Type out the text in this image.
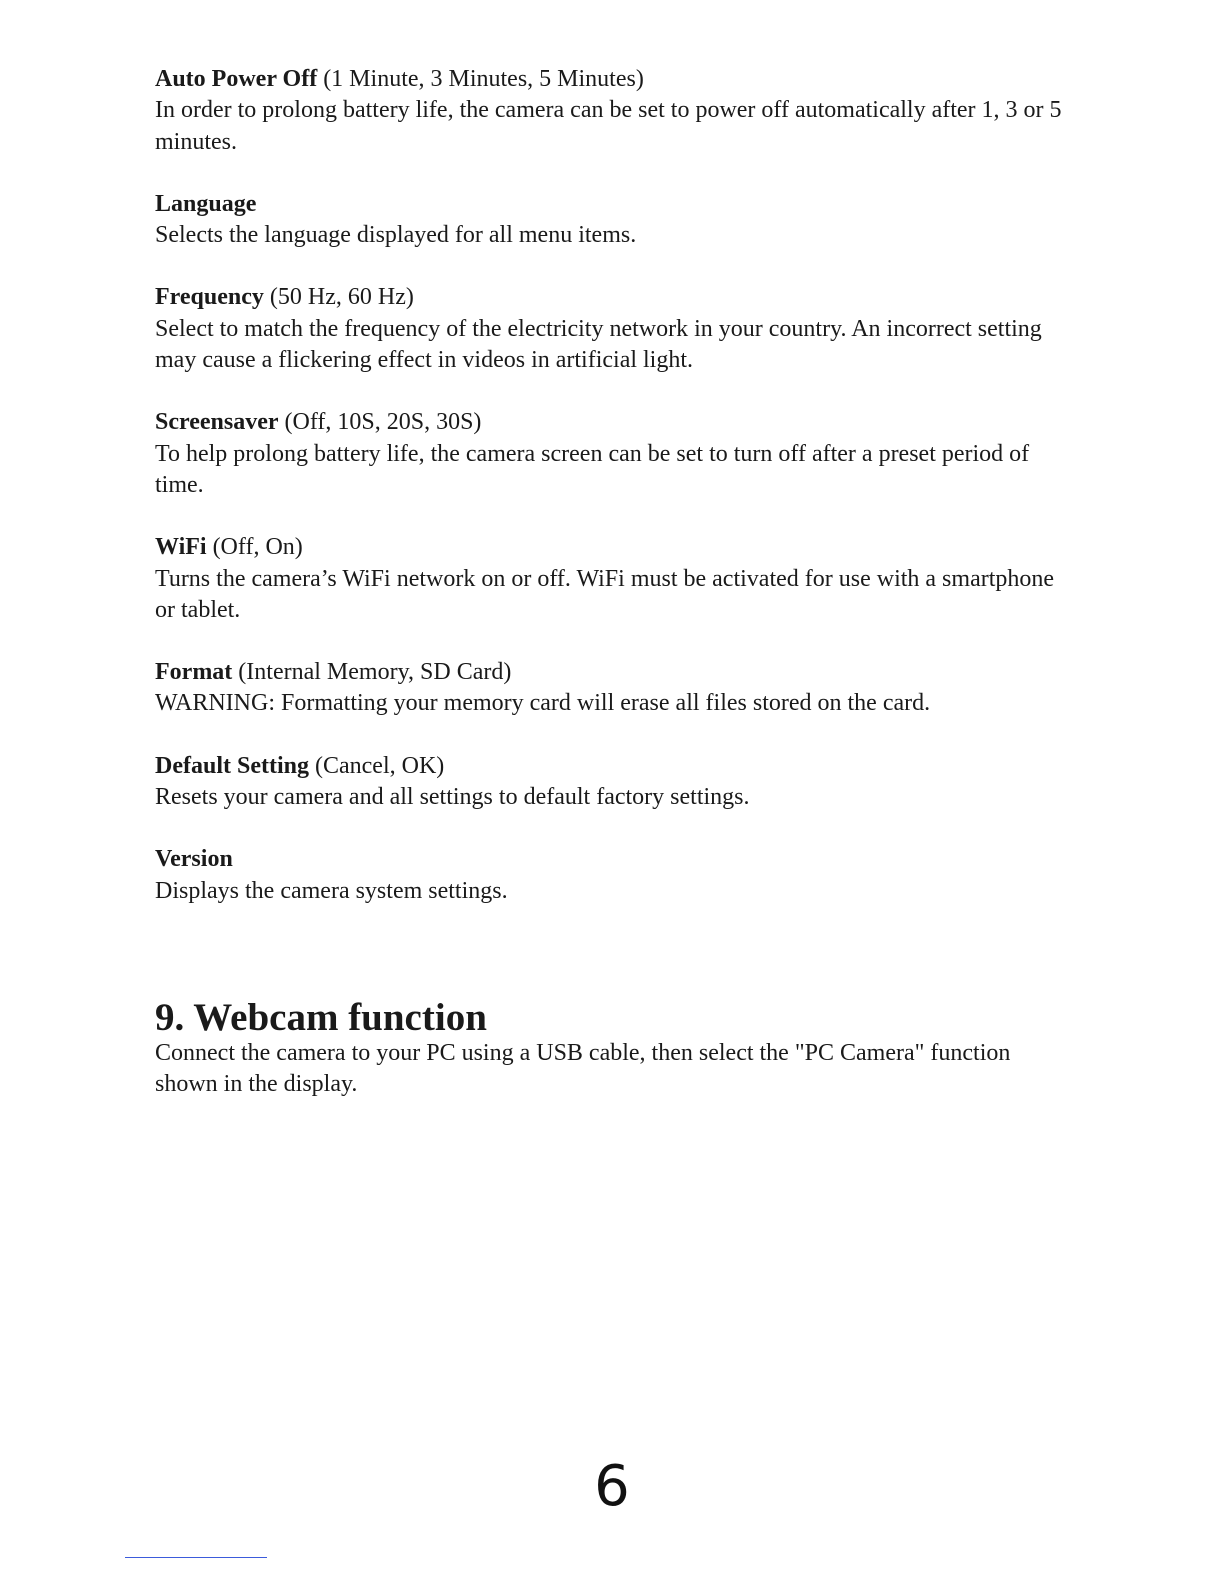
Auto Power Off (1 Minute, 3 Minutes, 5 Minutes)
In order to prolong battery life, the camera can be set to power off automatically after 1, 3 or 5 minutes.
Language
Selects the language displayed for all menu items.
Frequency (50 Hz, 60 Hz)
Select to match the frequency of the electricity network in your country. An incorrect setting may cause a flickering effect in videos in artificial light.
Screensaver (Off, 10S, 20S, 30S)
To help prolong battery life, the camera screen can be set to turn off after a preset period of time.
WiFi (Off, On)
Turns the camera’s WiFi network on or off. WiFi must be activated for use with a smartphone or tablet.
Format (Internal Memory, SD Card)
WARNING: Formatting your memory card will erase all files stored on the card.
Default Setting (Cancel, OK)
Resets your camera and all settings to default factory settings.
Version
Displays the camera system settings.
9. Webcam function

Connect the camera to your PC using a USB cable, then select the "PC Camera" function shown in the display.

6
